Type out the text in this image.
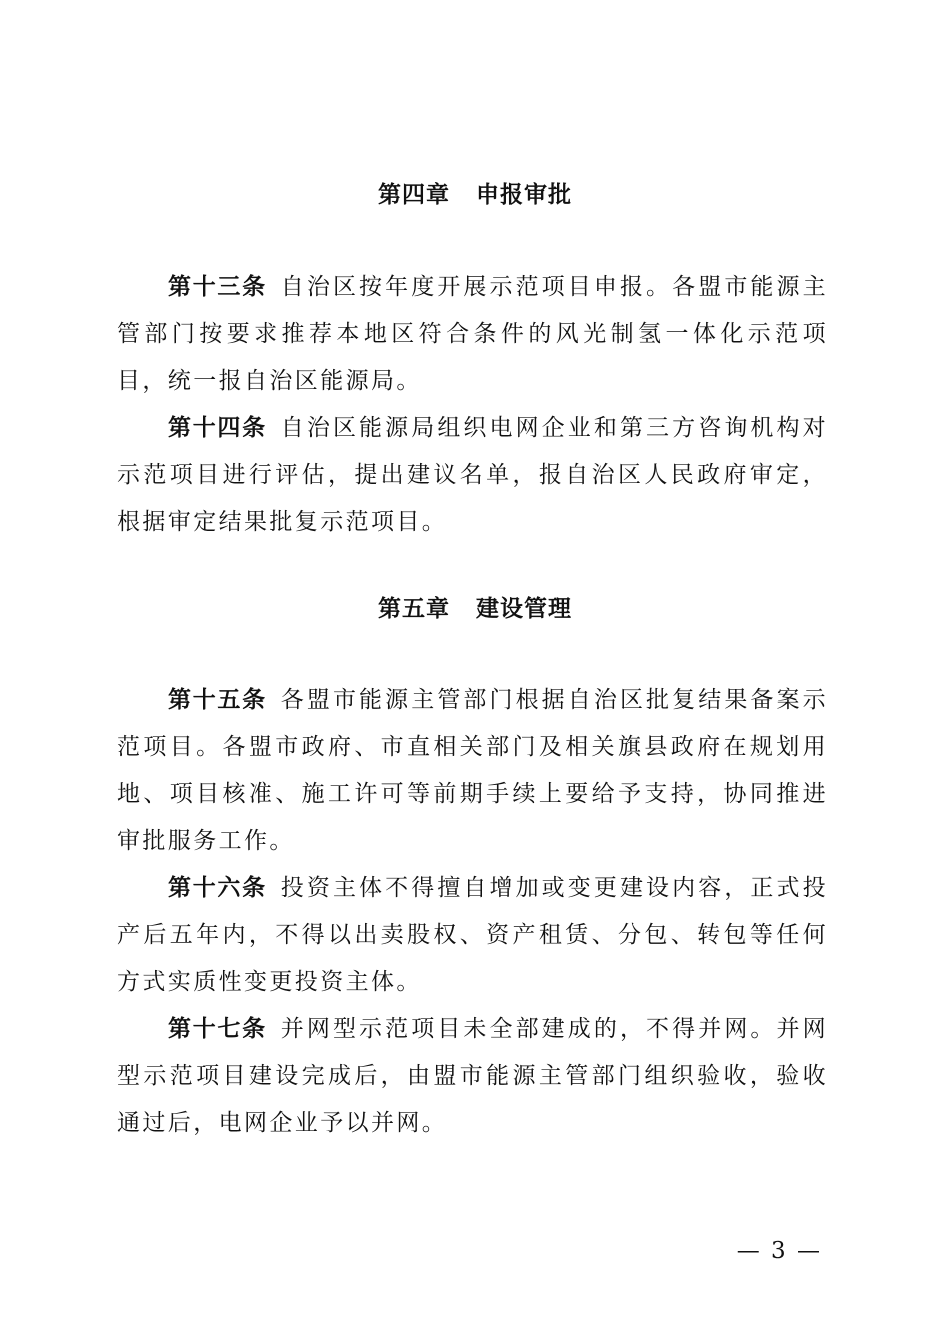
第四章 申报审批
第十三条 自治区按年度开展示范项目申报。各盟市能源主管部门按要求推荐本地区符合条件的风光制氢一体化示范项目，统一报自治区能源局。
第十四条 自治区能源局组织电网企业和第三方咨询机构对示范项目进行评估，提出建议名单，报自治区人民政府审定，根据审定结果批复示范项目。
第五章 建设管理
第十五条 各盟市能源主管部门根据自治区批复结果备案示范项目。各盟市政府、市直相关部门及相关旗县政府在规划用地、项目核准、施工许可等前期手续上要给予支持，协同推进审批服务工作。
第十六条 投资主体不得擅自增加或变更建设内容，正式投产后五年内，不得以出卖股权、资产租赁、分包、转包等任何方式实质性变更投资主体。
第十七条 并网型示范项目未全部建成的，不得并网。并网型示范项目建设完成后，由盟市能源主管部门组织验收，验收通过后，电网企业予以并网。
— 3 —
